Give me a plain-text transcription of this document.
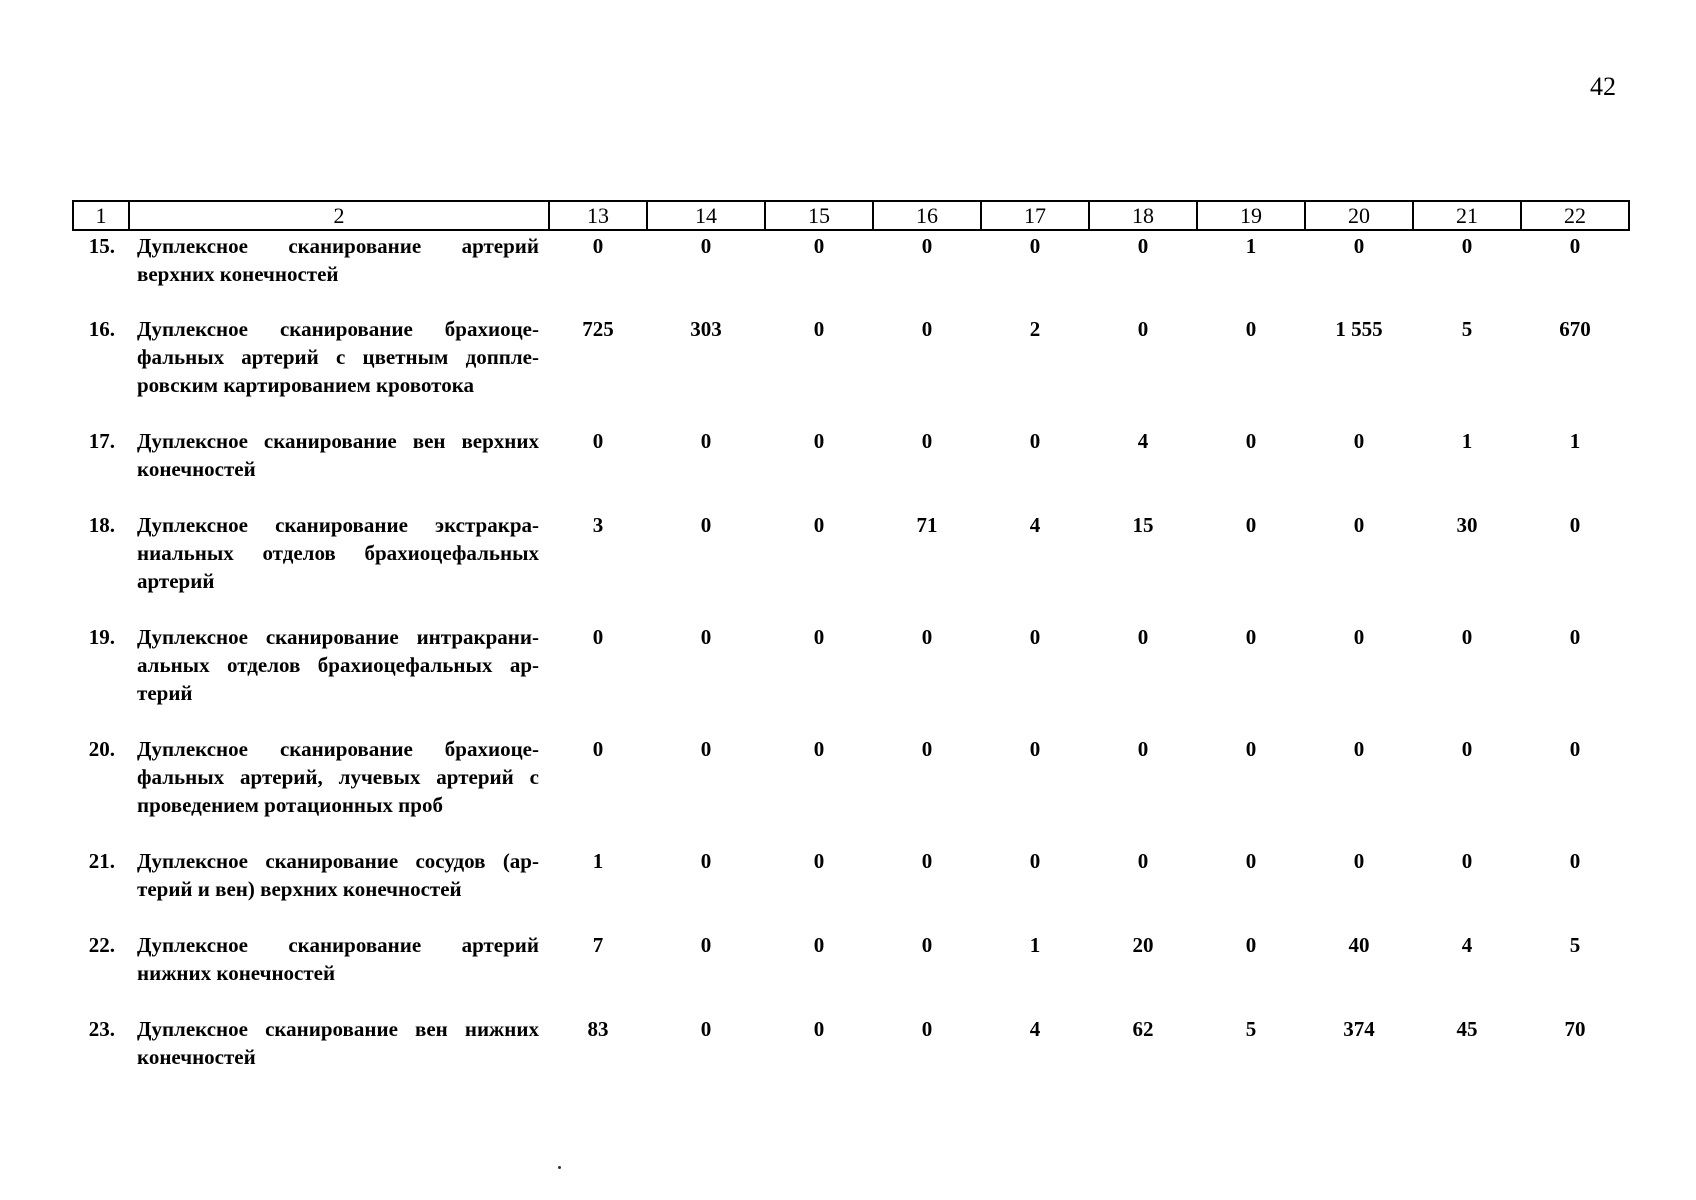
42
1	2	13	14	15	16	17	18	19	20	21	22
15.	Дуплексное сканирование артерий верхних конечностей	0	0	0	0	0	0	1	0	0	0
16.	Дуплексное сканирование брахиоцефальных артерий с цветным допплеровским картированием кровотока	725	303	0	0	2	0	0	1 555	5	670
17.	Дуплексное сканирование вен верхних конечностей	0	0	0	0	0	4	0	0	1	1
18.	Дуплексное сканирование экстракраниальных отделов брахиоцефальных артерий	3	0	0	71	4	15	0	0	30	0
19.	Дуплексное сканирование интракраниальных отделов брахиоцефальных артерий	0	0	0	0	0	0	0	0	0	0
20.	Дуплексное сканирование брахиоцефальных артерий, лучевых артерий с проведением ротационных проб	0	0	0	0	0	0	0	0	0	0
21.	Дуплексное сканирование сосудов (артерий и вен) верхних конечностей	1	0	0	0	0	0	0	0	0	0
22.	Дуплексное сканирование артерий нижних конечностей	7	0	0	0	1	20	0	40	4	5
23.	Дуплексное сканирование вен нижних конечностей	83	0	0	0	4	62	5	374	45	70
